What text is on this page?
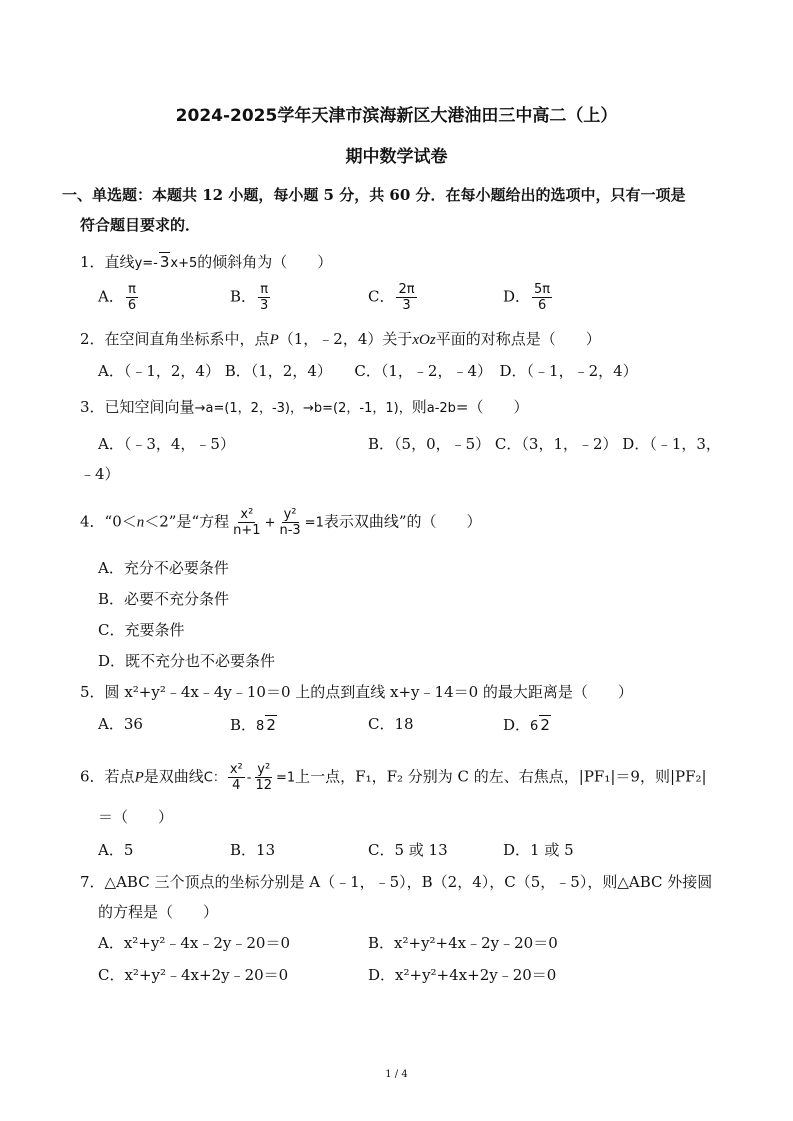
2024-2025学年天津市滨海新区大港油田三中高二（上）
期中数学试卷
一、单选题：本题共 12 小题，每小题 5 分，共 60 分．在每小题给出的选项中，只有一项是
符合题目要求的．
1．直线y=- 3x+5的倾斜角为（　　）
A． $\frac{\pi}{6}$	B． $\frac{\pi}{3}$	C． $\frac{2\pi}{3}$	D． $\frac{5\pi}{6}$
2．在空间直角坐标系中，点P（1，﹣2，4）关于xOz平面的对称点是（　　）
A．（﹣1，2，4） B．（1，2，4）　　C．（1，﹣2，﹣4）　D．（﹣1，﹣2，4）
3．已知空间向量→a=(1，2，-3)，→b=(2，-1，1)，则a-2b=（　　）
A．（﹣3，4，﹣5）	B．（5，0，﹣5） C．（3，1，﹣2） D．（﹣1，3，
﹣4）
4．“0＜n＜2”是“方程 $\frac{\text{x²}}{n+1} + \frac{\text{y²}}{n-3} =1$表示双曲线”的（　　）
A．充分不必要条件
B．必要不充分条件
C．充要条件
D．既不充分也不必要条件
5．圆 x²+y²﹣4x﹣4y﹣10＝0 上的点到直线 x+y﹣14＝0 的最大距离是（　　）
A．36	B．8 2	C．18	D．6 2
6．若点P是双曲线C： $\frac{\text{x²}}{4} - \frac{\text{y²}}{12} =1$上一点，F₁，F₂ 分别为 C 的左、右焦点，|PF₁|＝9，则|PF₂|
＝（　　）
A．5	B．13	C．5 或 13	D．1 或 5
7．△ABC 三个顶点的坐标分别是 A（﹣1，﹣5），B（2，4），C（5，﹣5），则△ABC 外接圆
的方程是（　　）
A．x²+y²﹣4x﹣2y﹣20＝0	B．x²+y²+4x﹣2y﹣20＝0
C．x²+y²﹣4x+2y﹣20＝0	D．x²+y²+4x+2y﹣20＝0
1 / 4
